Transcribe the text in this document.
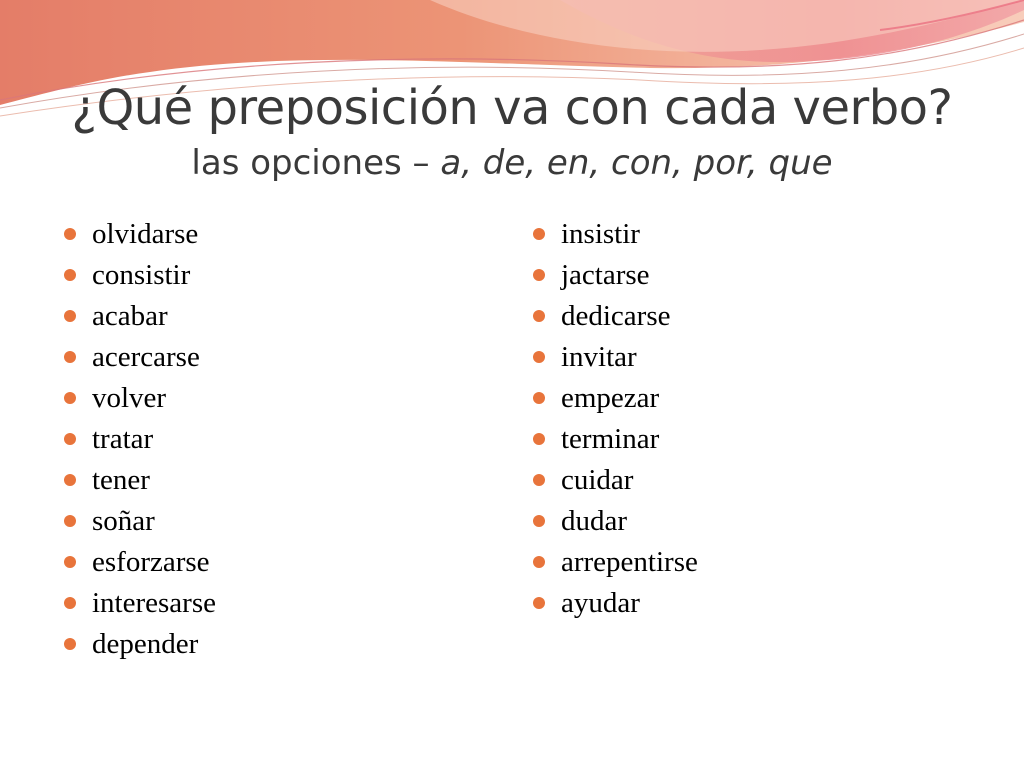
¿Qué preposición va con cada verbo?

las opciones – a, de, en, con, por, que

olvidarse
consistir
acabar
acercarse
volver
tratar
tener
soñar
esforzarse
interesarse
depender
insistir
jactarse
dedicarse
invitar
empezar
terminar
cuidar
dudar
arrepentirse
ayudar
